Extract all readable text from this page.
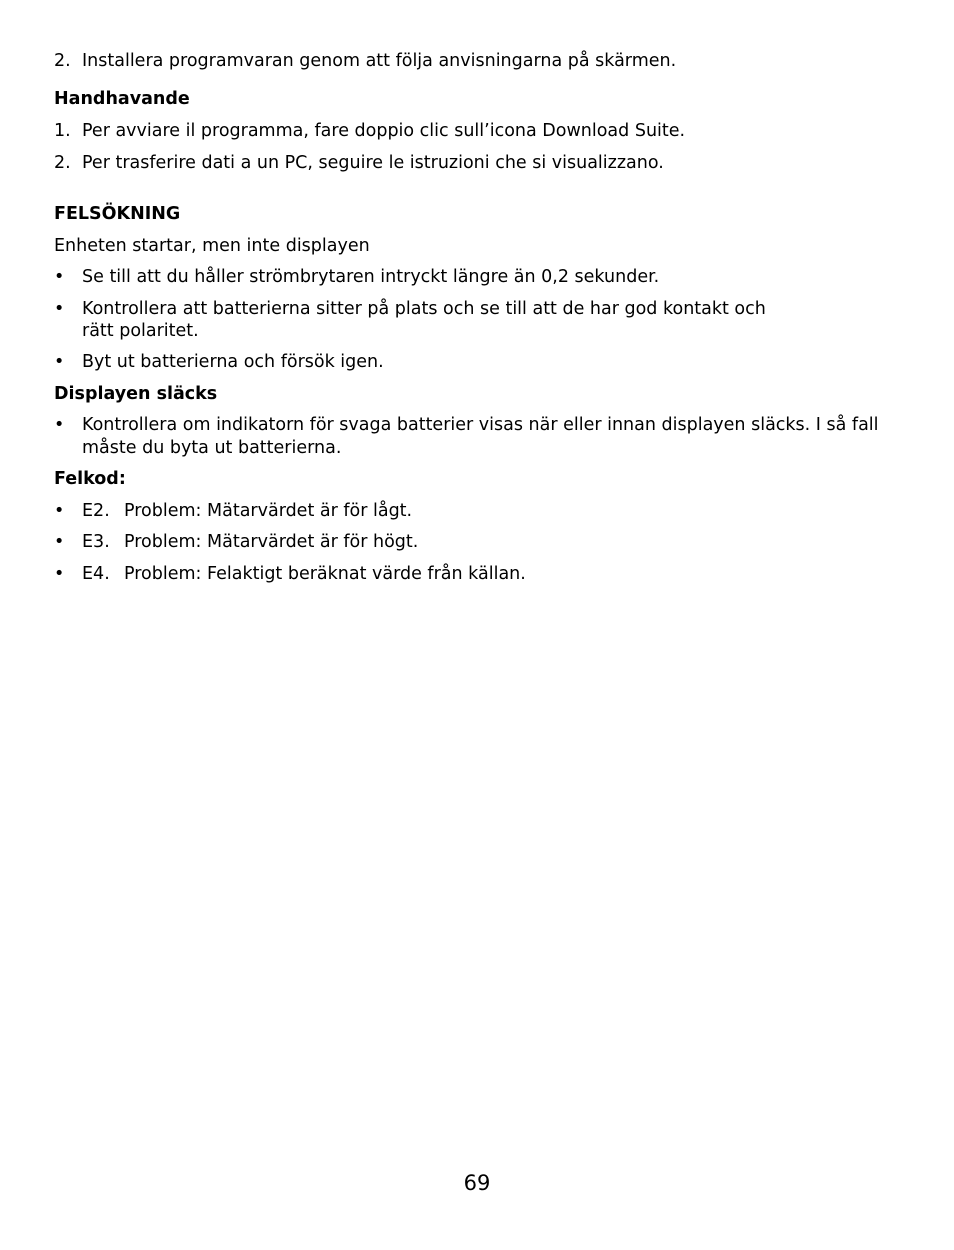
2. Installera programvaran genom att följa anvisningarna på skärmen.
Handhavande
1. Per avviare il programma, fare doppio clic sull’icona Download Suite.
2. Per trasferire dati a un PC, seguire le istruzioni che si visualizzano.
FELSÖKNING
Enheten startar, men inte displayen
•	Se till att du håller strömbrytaren intryckt längre än 0,2 sekunder.
•	Kontrollera att batterierna sitter på plats och se till att de har god kontakt och
rätt polaritet.
•	Byt ut batterierna och försök igen.
Displayen släcks
•	Kontrollera om indikatorn för svaga batterier visas när eller innan displayen släcks. I så fall
måste du byta ut batterierna.
Felkod:
•	E2. Problem: Mätarvärdet är för lågt.
•	E3. Problem: Mätarvärdet är för högt.
•	E4. Problem: Felaktigt beräknat värde från källan.
69
